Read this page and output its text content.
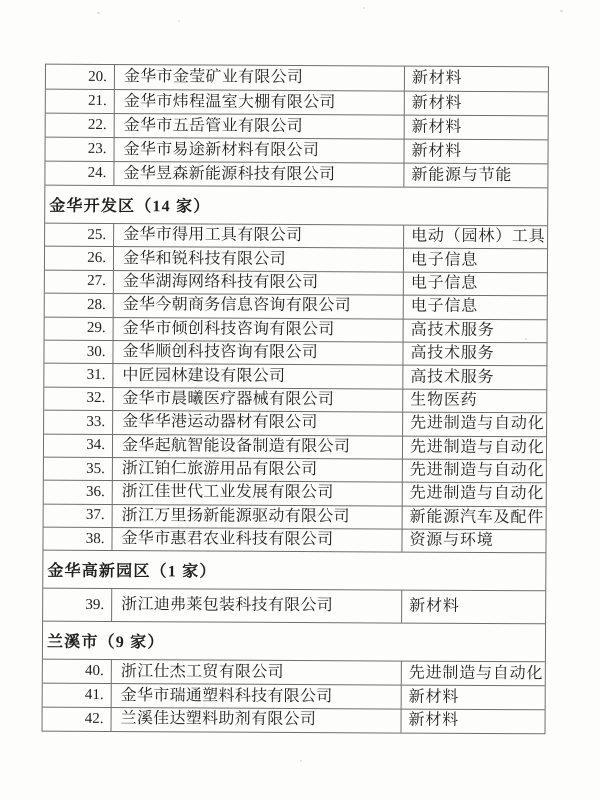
20.	金华市金莹矿业有限公司	新材料
21.	金华市炜程温室大棚有限公司	新材料
22.	金华市五岳管业有限公司	新材料
23.	金华市易途新材料有限公司	新材料
24.	金华昱森新能源科技有限公司	新能源与节能
金华开发区（14 家）
25.	金华市得用工具有限公司	电动（园林）工具
26.	金华和锐科技有限公司	电子信息
27.	金华湖海网络科技有限公司	电子信息
28.	金华今朝商务信息咨询有限公司	电子信息
29.	金华市倾创科技咨询有限公司	高技术服务
30.	金华顺创科技咨询有限公司	高技术服务
31.	中匠园林建设有限公司	高技术服务
32.	金华市晨曦医疗器械有限公司	生物医药
33.	金华华港运动器材有限公司	先进制造与自动化
34.	金华起航智能设备制造有限公司	先进制造与自动化
35.	浙江铂仁旅游用品有限公司	先进制造与自动化
36.	浙江佳世代工业发展有限公司	先进制造与自动化
37.	浙江万里扬新能源驱动有限公司	新能源汽车及配件
38.	金华市惠君农业科技有限公司	资源与环境
金华高新园区（1 家）
39.	浙江迪弗莱包装科技有限公司	新材料
兰溪市（9 家）
40.	浙江仕杰工贸有限公司	先进制造与自动化
41.	金华市瑞通塑料科技有限公司	新材料
42.	兰溪佳达塑料助剂有限公司	新材料
